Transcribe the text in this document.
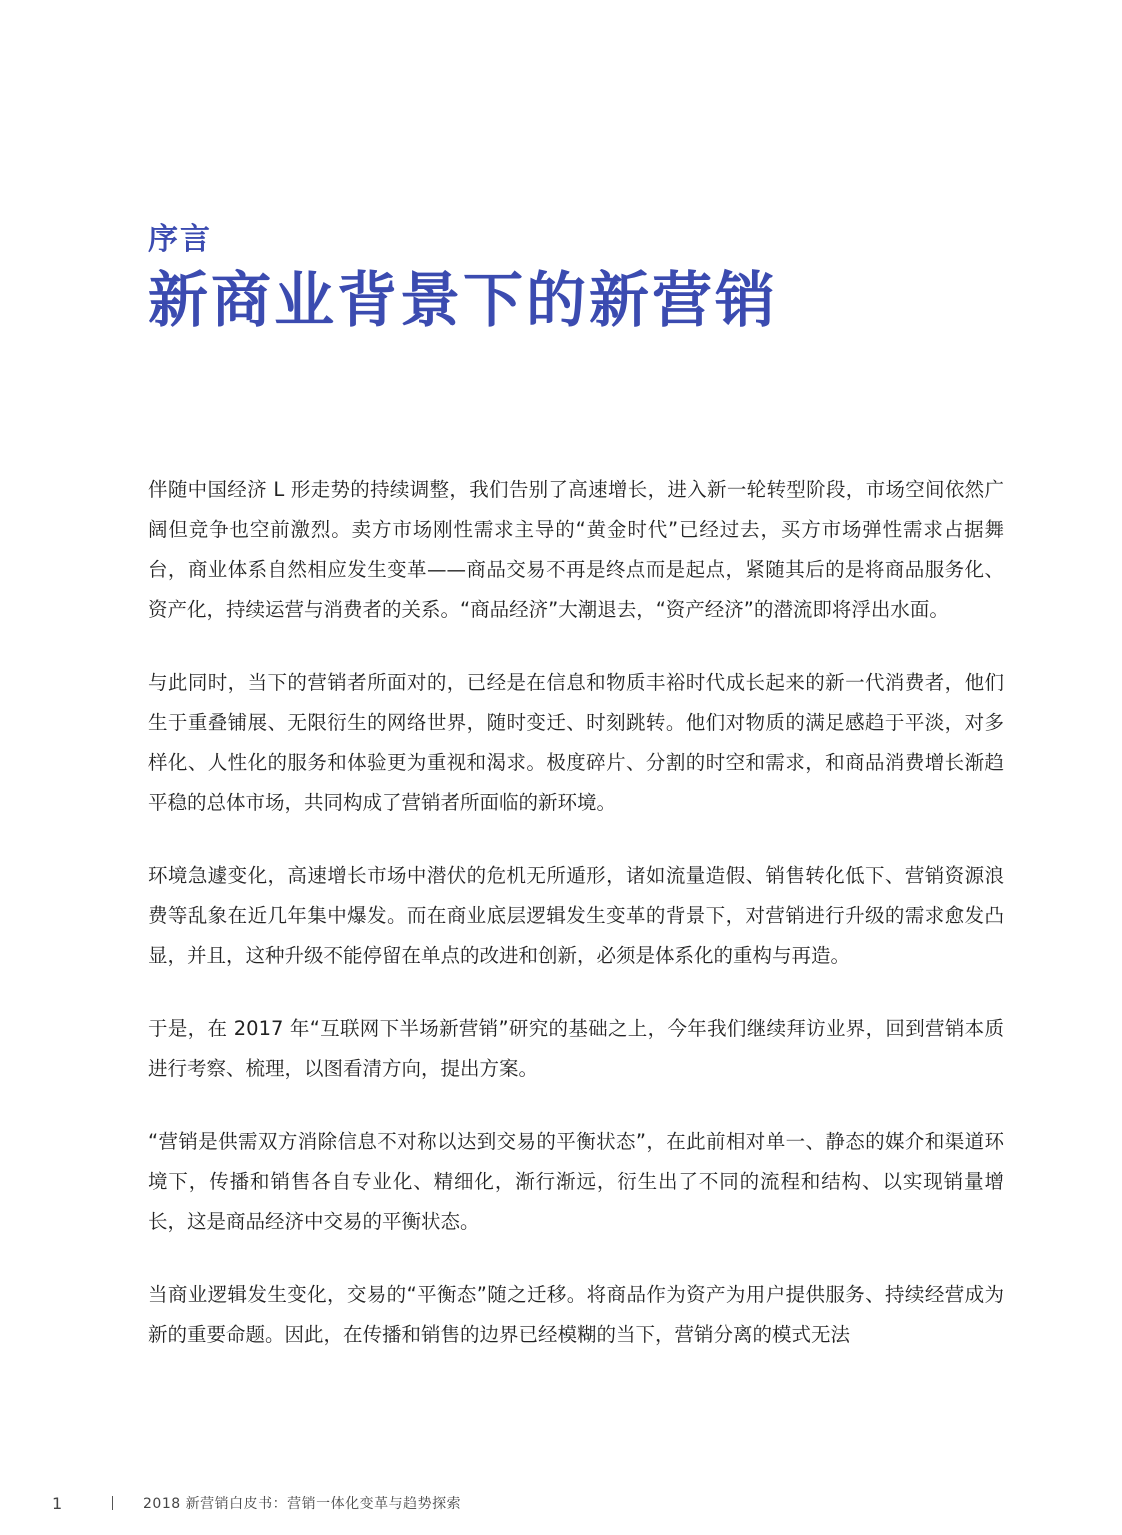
序言
新商业背景下的新营销

伴随中国经济 L 形走势的持续调整，我们告别了高速增长，进入新一轮转型阶段，市场空间依然广阔但竞争也空前激烈。卖方市场刚性需求主导的“黄金时代”已经过去，买方市场弹性需求占据舞台，商业体系自然相应发生变革——商品交易不再是终点而是起点，紧随其后的是将商品服务化、资产化，持续运营与消费者的关系。“商品经济”大潮退去，“资产经济”的潜流即将浮出水面。

与此同时，当下的营销者所面对的，已经是在信息和物质丰裕时代成长起来的新一代消费者，他们生于重叠铺展、无限衍生的网络世界，随时变迁、时刻跳转。他们对物质的满足感趋于平淡，对多样化、人性化的服务和体验更为重视和渴求。极度碎片、分割的时空和需求，和商品消费增长渐趋平稳的总体市场，共同构成了营销者所面临的新环境。

环境急遽变化，高速增长市场中潜伏的危机无所遁形，诸如流量造假、销售转化低下、营销资源浪费等乱象在近几年集中爆发。而在商业底层逻辑发生变革的背景下，对营销进行升级的需求愈发凸显，并且，这种升级不能停留在单点的改进和创新，必须是体系化的重构与再造。

于是，在 2017 年“互联网下半场新营销”研究的基础之上，今年我们继续拜访业界，回到营销本质进行考察、梳理，以图看清方向，提出方案。

“营销是供需双方消除信息不对称以达到交易的平衡状态”，在此前相对单一、静态的媒介和渠道环境下，传播和销售各自专业化、精细化，渐行渐远，衍生出了不同的流程和结构、以实现销量增长，这是商品经济中交易的平衡状态。

当商业逻辑发生变化，交易的“平衡态”随之迁移。将商品作为资产为用户提供服务、持续经营成为新的重要命题。因此，在传播和销售的边界已经模糊的当下，营销分离的模式无法

1	2018 新营销白皮书：营销一体化变革与趋势探索
